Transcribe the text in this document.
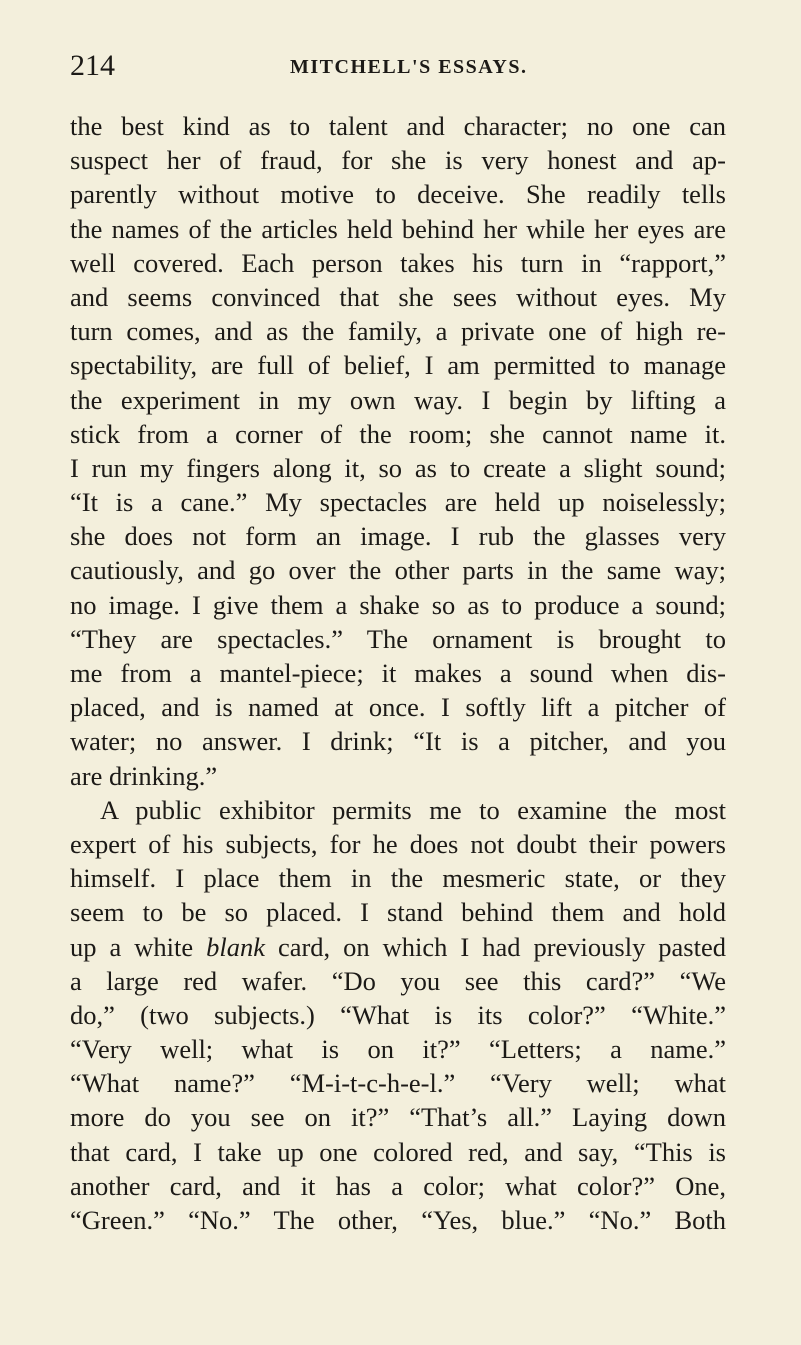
214	MITCHELL'S ESSAYS.
the best kind as to talent and character; no one can
suspect her of fraud, for she is very honest and ap-
parently without motive to deceive. She readily tells
the names of the articles held behind her while her eyes are
well covered. Each person takes his turn in “rapport,”
and seems convinced that she sees without eyes. My
turn comes, and as the family, a private one of high re-
spectability, are full of belief, I am permitted to manage
the experiment in my own way. I begin by lifting a
stick from a corner of the room; she cannot name it.
I run my fingers along it, so as to create a slight sound;
“It is a cane.” My spectacles are held up noiselessly;
she does not form an image. I rub the glasses very
cautiously, and go over the other parts in the same way;
no image. I give them a shake so as to produce a sound;
“They are spectacles.” The ornament is brought to
me from a mantel-piece; it makes a sound when dis-
placed, and is named at once. I softly lift a pitcher of
water; no answer. I drink; “It is a pitcher, and you
are drinking.”
A public exhibitor permits me to examine the most
expert of his subjects, for he does not doubt their powers
himself. I place them in the mesmeric state, or they
seem to be so placed. I stand behind them and hold
up a white blank card, on which I had previously pasted
a large red wafer. “Do you see this card?” “We
do,” (two subjects.) “What is its color?” “White.”
“Very well; what is on it?” “Letters; a name.”
“What name?” “M-i-t-c-h-e-l.” “Very well; what
more do you see on it?” “That’s all.” Laying down
that card, I take up one colored red, and say, “This is
another card, and it has a color; what color?” One,
“Green.” “No.” The other, “Yes, blue.” “No.” Both
